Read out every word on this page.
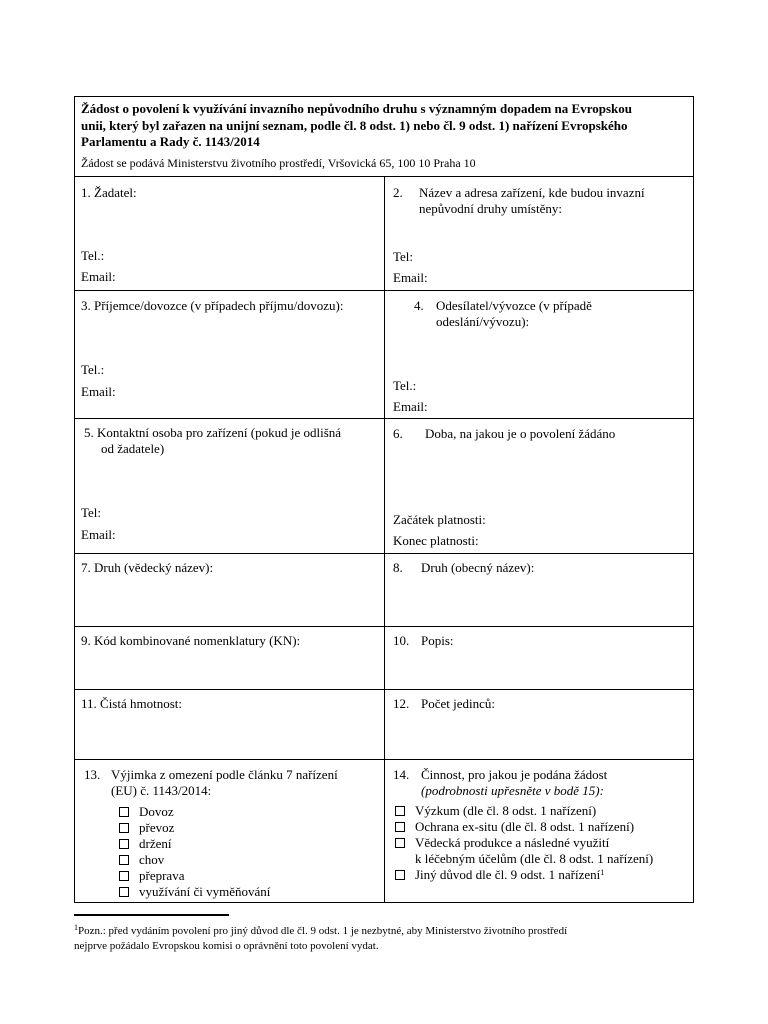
Žádost o povolení k využívání invazního nepůvodního druhu s významným dopadem na Evropskou
unii, který byl zařazen na unijní seznam, podle čl. 8 odst. 1) nebo čl. 9 odst. 1) nařízení Evropského
Parlamentu a Rady č. 1143/2014
Žádost se podává Ministerstvu životního prostředí, Vršovická 65, 100 10 Praha 10
1. Žadatel:
Tel.:
Email:
2. Název a adresa zařízení, kde budou invazní
nepůvodní druhy umístěny:
Tel:
Email:
3. Příjemce/dovozce (v případech příjmu/dovozu):
Tel.:
Email:
4. Odesílatel/vývozce (v případě
odeslání/vývozu):
Tel.:
Email:
5. Kontaktní osoba pro zařízení (pokud je odlišná
od žadatele)
Tel:
Email:
6. Doba, na jakou je o povolení žádáno
Začátek platnosti:
Konec platnosti:
7. Druh (vědecký název):	8. Druh (obecný název):
9. Kód kombinované nomenklatury (KN):	10. Popis:
11. Čistá hmotnost:	12. Počet jedinců:
13. Výjimka z omezení podle článku 7 nařízení
(EU) č. 1143/2014:
Dovoz
převoz
držení
chov
přeprava
využívání či vyměňování
14. Činnost, pro jakou je podána žádost
(podrobnosti upřesněte v bodě 15):
Výzkum (dle čl. 8 odst. 1 nařízení)
Ochrana ex-situ (dle čl. 8 odst. 1 nařízení)
Vědecká produkce a následné využití
k léčebným účelům (dle čl. 8 odst. 1 nařízení)
Jiný důvod dle čl. 9 odst. 1 nařízení$^1$
$^1$Pozn.: před vydáním povolení pro jiný důvod dle čl. 9 odst. 1 je nezbytné, aby Ministerstvo životního prostředí
nejprve požádalo Evropskou komisi o oprávnění toto povolení vydat.
